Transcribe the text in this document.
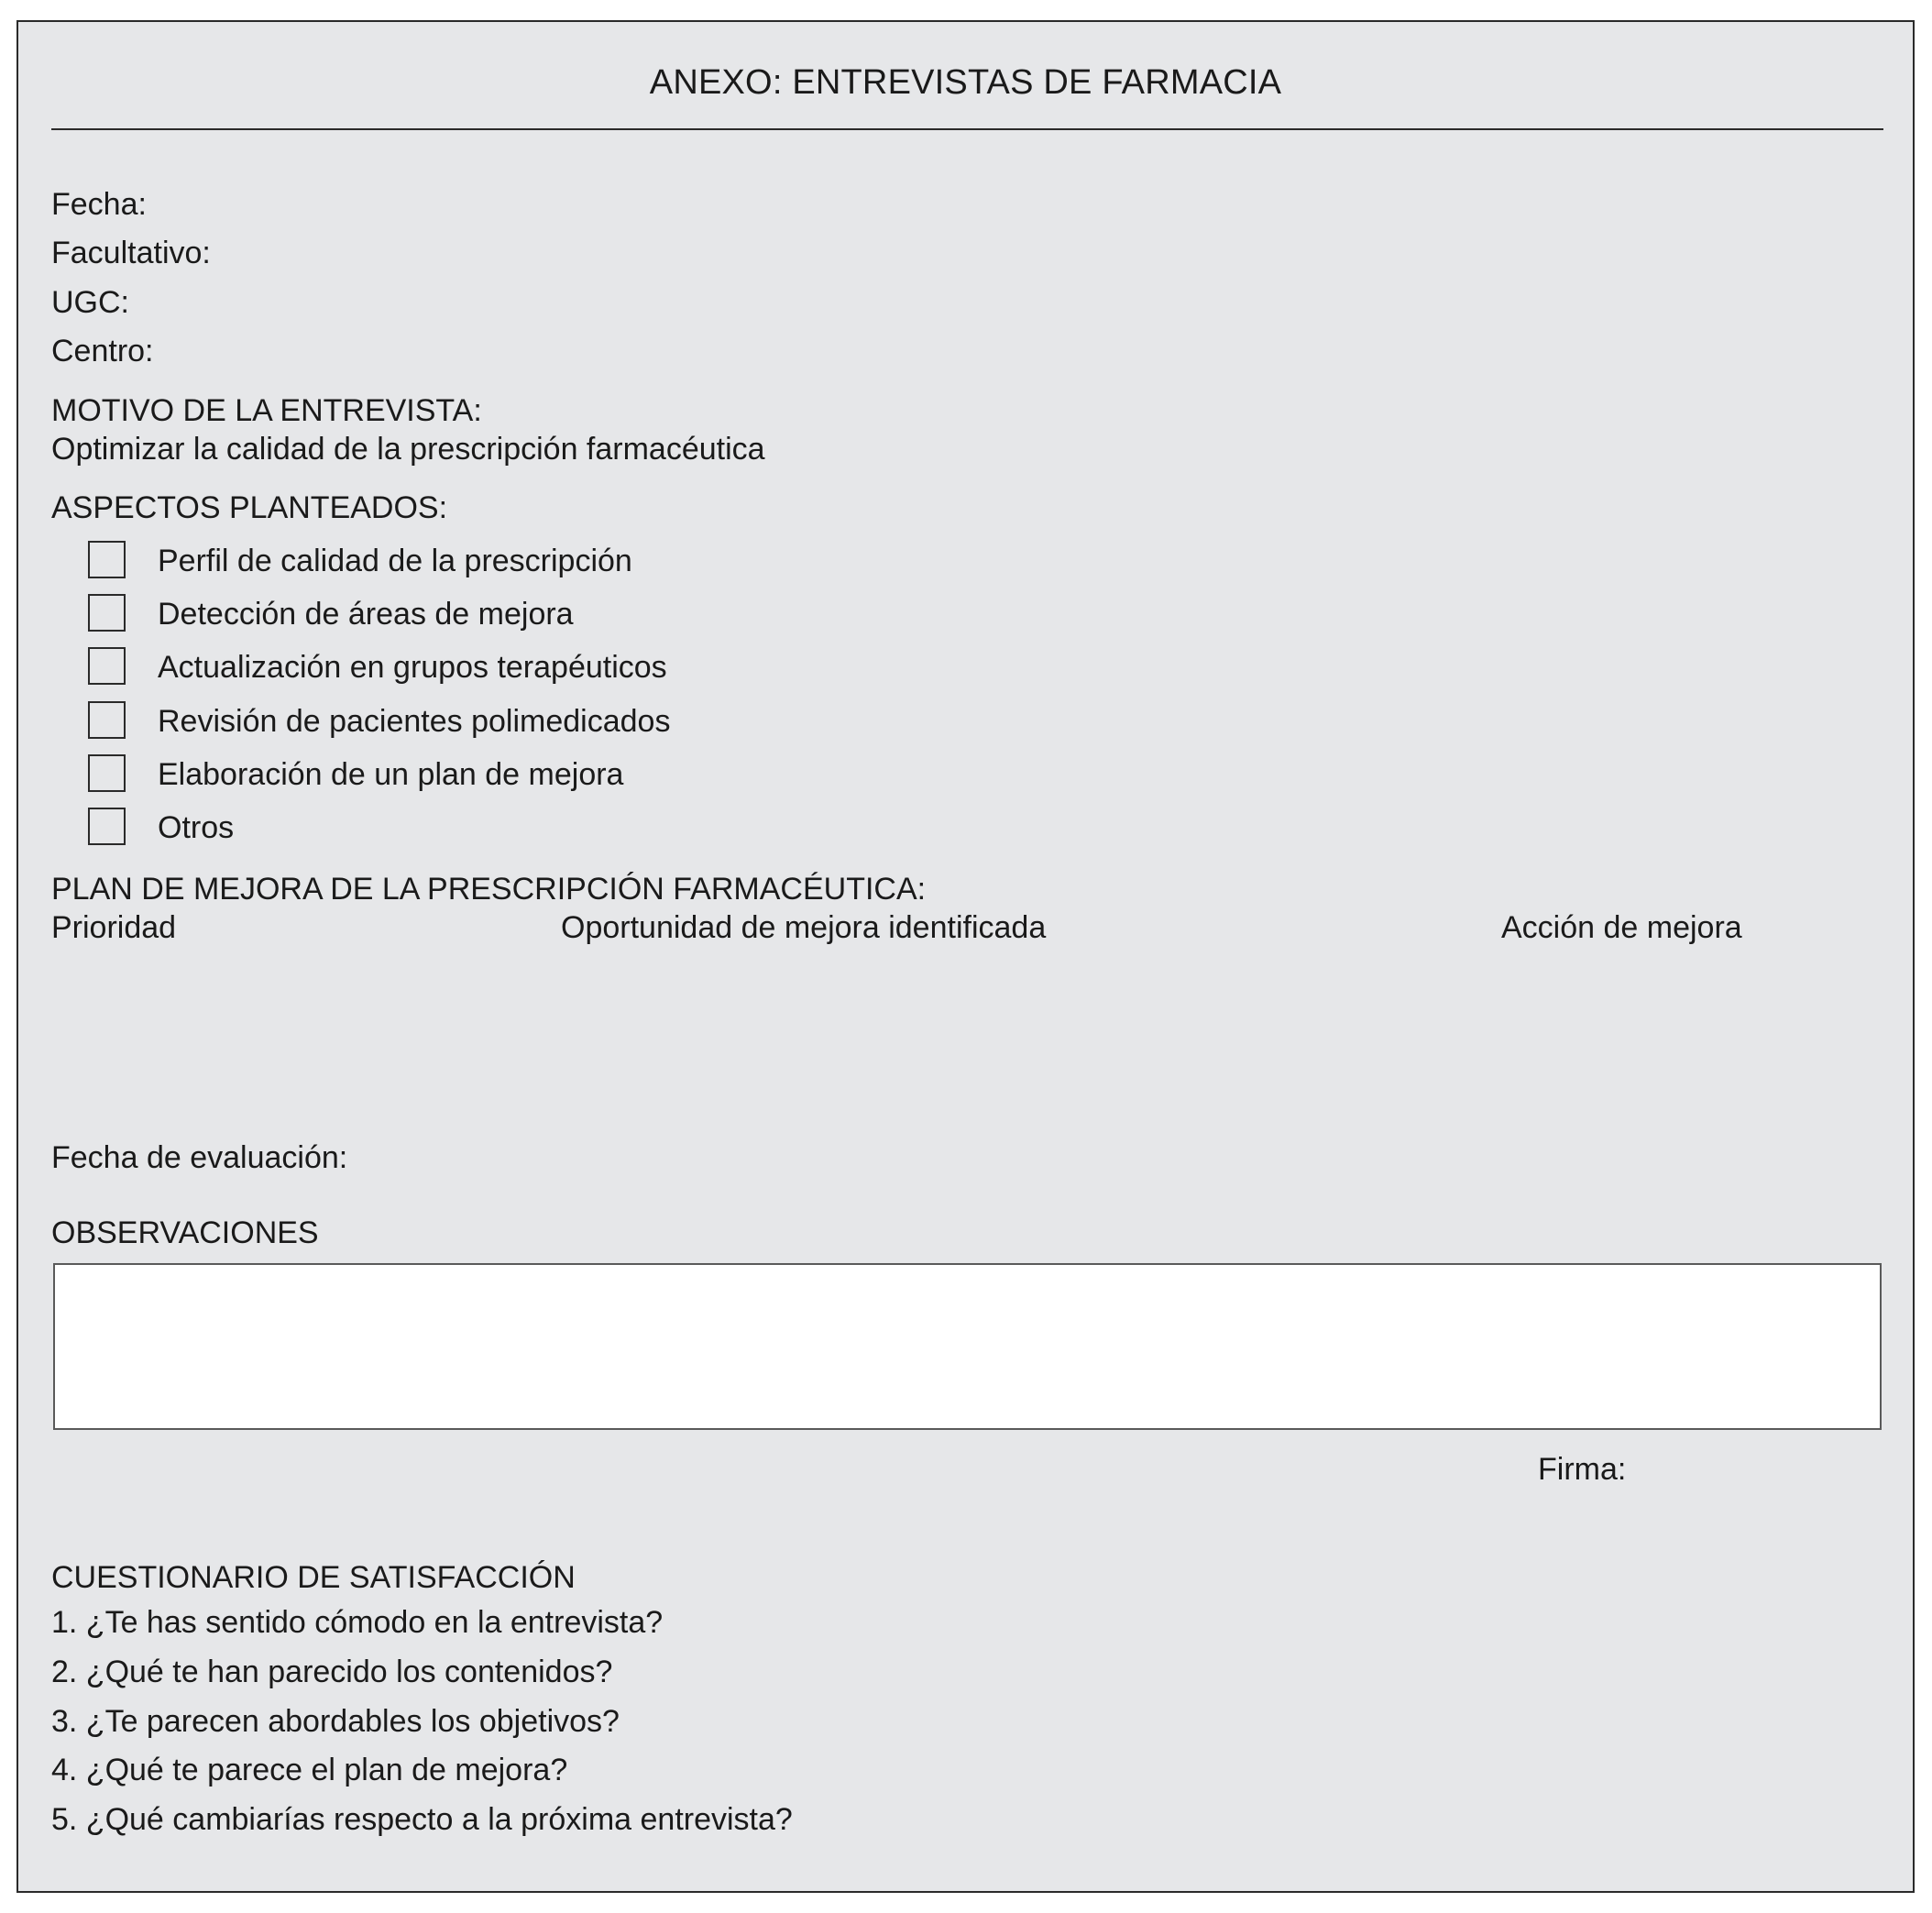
ANEXO: ENTREVISTAS DE FARMACIA
Fecha:
Facultativo:
UGC:
Centro:
MOTIVO DE LA ENTREVISTA:
Optimizar la calidad de la prescripción farmacéutica
ASPECTOS PLANTEADOS:
Perfil de calidad de la prescripción
Detección de áreas de mejora
Actualización en grupos terapéuticos
Revisión de pacientes polimedicados
Elaboración de un plan de mejora
Otros
PLAN DE MEJORA DE LA PRESCRIPCIÓN FARMACÉUTICA:
Prioridad	Oportunidad de mejora identificada	Acción de mejora
Fecha de evaluación:
OBSERVACIONES
Firma:
CUESTIONARIO DE SATISFACCIÓN
1. ¿Te has sentido cómodo en la entrevista?
2. ¿Qué te han parecido los contenidos?
3. ¿Te parecen abordables los objetivos?
4. ¿Qué te parece el plan de mejora?
5. ¿Qué cambiarías respecto a la próxima entrevista?
